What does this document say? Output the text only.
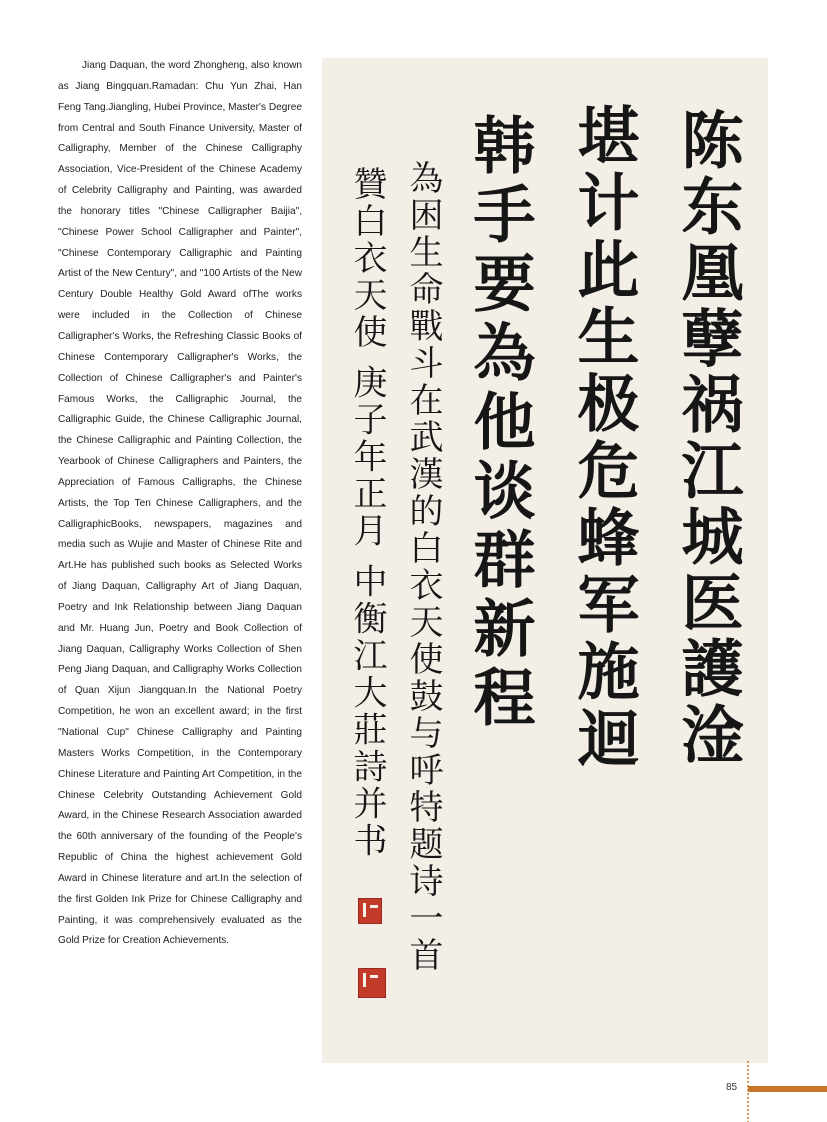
Jiang Daquan, the word Zhongheng, also known as Jiang Bingquan.Ramadan: Chu Yun Zhai, Han Feng Tang.Jiangling, Hubei Province, Master's Degree from Central and South Finance University, Master of Calligraphy, Member of the Chinese Calligraphy Association, Vice-President of the Chinese Academy of Celebrity Calligraphy and Painting, was awarded the honorary titles "Chinese Calligrapher Baijia", "Chinese Power School Calligrapher and Painter", "Chinese Contemporary Calligraphic and Painting Artist of the New Century", and "100 Artists of the New Century Double Healthy Gold Award ofThe works were included in the Collection of Chinese Calligrapher's Works, the Refreshing Classic Books of Chinese Contemporary Calligrapher's Works, the Collection of Chinese Calligrapher's and Painter's Famous Works, the Calligraphic Journal, the Calligraphic Guide, the Chinese Calligraphic Journal, the Chinese Calligraphic and Painting Collection, the Yearbook of Chinese Calligraphers and Painters, the Appreciation of Famous Calligraphs, the Chinese Artists, the Top Ten Chinese Calligraphers, and the CalligraphicBooks, newspapers, magazines and media such as Wujie and Master of Chinese Rite and Art.He has published such books as Selected Works of Jiang Daquan, Calligraphy Art of Jiang Daquan, Poetry and Ink Relationship between Jiang Daquan and Mr. Huang Jun, Poetry and Book Collection of Jiang Daquan, Calligraphy Works Collection of Shen Peng Jiang Daquan, and Calligraphy Works Collection of Quan Xijun Jiangquan.In the National Poetry Competition, he won an excellent award; in the first "National Cup" Chinese Calligraphy and Painting Masters Works Competition, in the Contemporary Chinese Literature and Painting Art Competition, in the Chinese Celebrity Outstanding Achievement Gold Award, in the Chinese Research Association awarded the 60th anniversary of the founding of the People's Republic of China the highest achievement Gold Award in Chinese literature and art.In the selection of the first Golden Ink Prize for Chinese Calligraphy and Painting, it was comprehensively evaluated as the Gold Prize for Creation Achievements.
陈东凰孽祸江城医護淦
堪计此生极危蜂军施迴
韩手要為他谈群新程
為困生命戰斗在武漢的白衣天使鼓与呼特题诗一首
贊白衣天使 庚子年正月 中衡江大莊詩并书
85
